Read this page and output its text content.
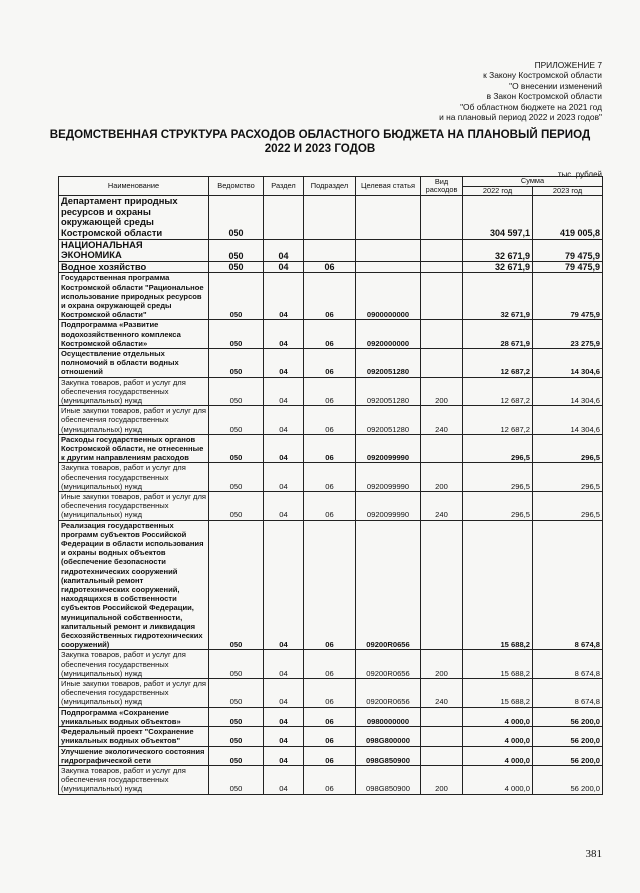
ПРИЛОЖЕНИЕ 7
к Закону Костромской области
"О внесении изменений
в Закон Костромской области
"Об областном бюджете на 2021 год
и на плановый период 2022 и 2023 годов"
ВЕДОМСТВЕННАЯ СТРУКТУРА РАСХОДОВ ОБЛАСТНОГО БЮДЖЕТА НА ПЛАНОВЫЙ ПЕРИОД 2022 И 2023 ГОДОВ
тыс. рублей
Наименование	Ведомство	Раздел	Подраздел	Целевая статья	Вид расходов	Сумма	
						2022 год	2023 год
Департамент природных ресурсов и охраны окружающей среды Костромской области	050					304 597,1	419 005,8
НАЦИОНАЛЬНАЯ ЭКОНОМИКА	050	04				32 671,9	79 475,9
Водное хозяйство	050	04	06			32 671,9	79 475,9
Государственная программа Костромской области "Рациональное использование природных ресурсов и охрана окружающей среды Костромской области"	050	04	06	0900000000		32 671,9	79 475,9
Подпрограмма «Развитие водохозяйственного комплекса Костромской области»	050	04	06	0920000000		28 671,9	23 275,9
Осуществление отдельных полномочий в области водных отношений	050	04	06	0920051280		12 687,2	14 304,6
Закупка товаров, работ и услуг для обеспечения государственных (муниципальных) нужд	050	04	06	0920051280	200	12 687,2	14 304,6
Иные закупки товаров, работ и услуг для обеспечения государственных (муниципальных) нужд	050	04	06	0920051280	240	12 687,2	14 304,6
Расходы государственных органов Костромской области, не отнесенные к другим направлениям расходов	050	04	06	0920099990		296,5	296,5
Закупка товаров, работ и услуг для обеспечения государственных (муниципальных) нужд	050	04	06	0920099990	200	296,5	296,5
Иные закупки товаров, работ и услуг для обеспечения государственных (муниципальных) нужд	050	04	06	0920099990	240	296,5	296,5
Реализация государственных программ субъектов Российской Федерации в области использования и охраны водных объектов (обеспечение безопасности гидротехнических сооружений (капитальный ремонт гидротехнических сооружений, находящихся в собственности субъектов Российской Федерации, муниципальной собственности, капитальный ремонт и ликвидация бесхозяйственных гидротехнических сооружений)	050	04	06	09200R0656		15 688,2	8 674,8
Закупка товаров, работ и услуг для обеспечения государственных (муниципальных) нужд	050	04	06	09200R0656	200	15 688,2	8 674,8
Иные закупки товаров, работ и услуг для обеспечения государственных (муниципальных) нужд	050	04	06	09200R0656	240	15 688,2	8 674,8
Подпрограмма «Сохранение уникальных водных объектов»	050	04	06	0980000000		4 000,0	56 200,0
Федеральный проект "Сохранение уникальных водных объектов"	050	04	06	098G800000		4 000,0	56 200,0
Улучшение экологического состояния гидрографической сети	050	04	06	098G850900		4 000,0	56 200,0
Закупка товаров, работ и услуг для обеспечения государственных (муниципальных) нужд	050	04	06	098G850900	200	4 000,0	56 200,0
381
